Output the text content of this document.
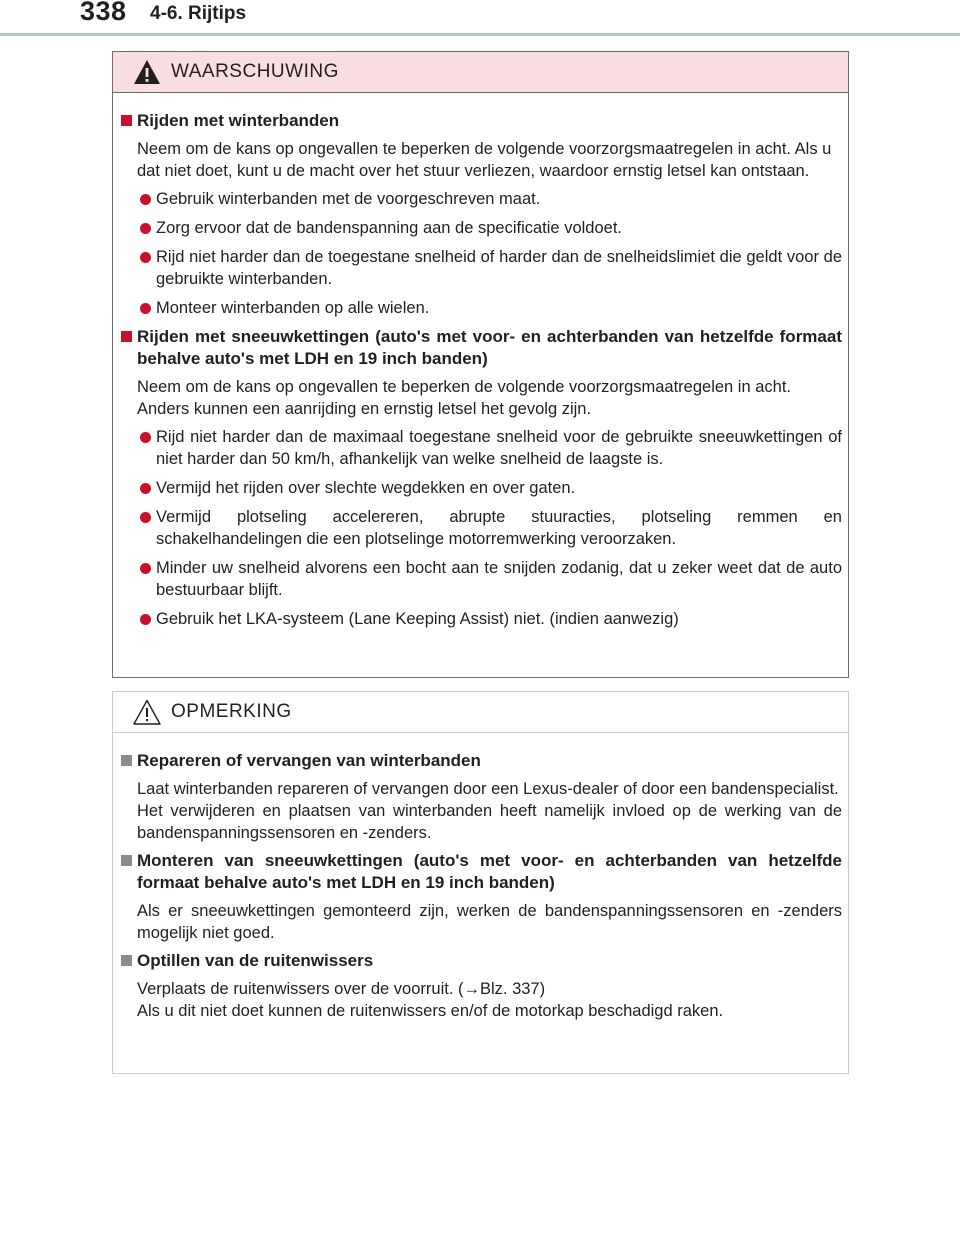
338 4-6. Rijtips
WAARSCHUWING
Rijden met winterbanden
Neem om de kans op ongevallen te beperken de volgende voorzorgsmaatregelen in acht. Als u dat niet doet, kunt u de macht over het stuur verliezen, waardoor ernstig letsel kan ontstaan.
Gebruik winterbanden met de voorgeschreven maat.
Zorg ervoor dat de bandenspanning aan de specificatie voldoet.
Rijd niet harder dan de toegestane snelheid of harder dan de snelheidslimiet die geldt voor de gebruikte winterbanden.
Monteer winterbanden op alle wielen.
Rijden met sneeuwkettingen (auto's met voor- en achterbanden van hetzelfde formaat behalve auto's met LDH en 19 inch banden)
Neem om de kans op ongevallen te beperken de volgende voorzorgsmaatregelen in acht. Anders kunnen een aanrijding en ernstig letsel het gevolg zijn.
Rijd niet harder dan de maximaal toegestane snelheid voor de gebruikte sneeuwkettingen of niet harder dan 50 km/h, afhankelijk van welke snelheid de laagste is.
Vermijd het rijden over slechte wegdekken en over gaten.
Vermijd plotseling accelereren, abrupte stuuracties, plotseling remmen en schakelhandelingen die een plotselinge motorremwerking veroorzaken.
Minder uw snelheid alvorens een bocht aan te snijden zodanig, dat u zeker weet dat de auto bestuurbaar blijft.
Gebruik het LKA-systeem (Lane Keeping Assist) niet. (indien aanwezig)
OPMERKING
Repareren of vervangen van winterbanden
Laat winterbanden repareren of vervangen door een Lexus-dealer of door een bandenspecialist.
Het verwijderen en plaatsen van winterbanden heeft namelijk invloed op de werking van de bandenspanningssensoren en -zenders.
Monteren van sneeuwkettingen (auto's met voor- en achterbanden van hetzelfde formaat behalve auto's met LDH en 19 inch banden)
Als er sneeuwkettingen gemonteerd zijn, werken de bandenspanningssensoren en -zenders mogelijk niet goed.
Optillen van de ruitenwissers
Verplaats de ruitenwissers over de voorruit. (→Blz. 337)
Als u dit niet doet kunnen de ruitenwissers en/of de motorkap beschadigd raken.
